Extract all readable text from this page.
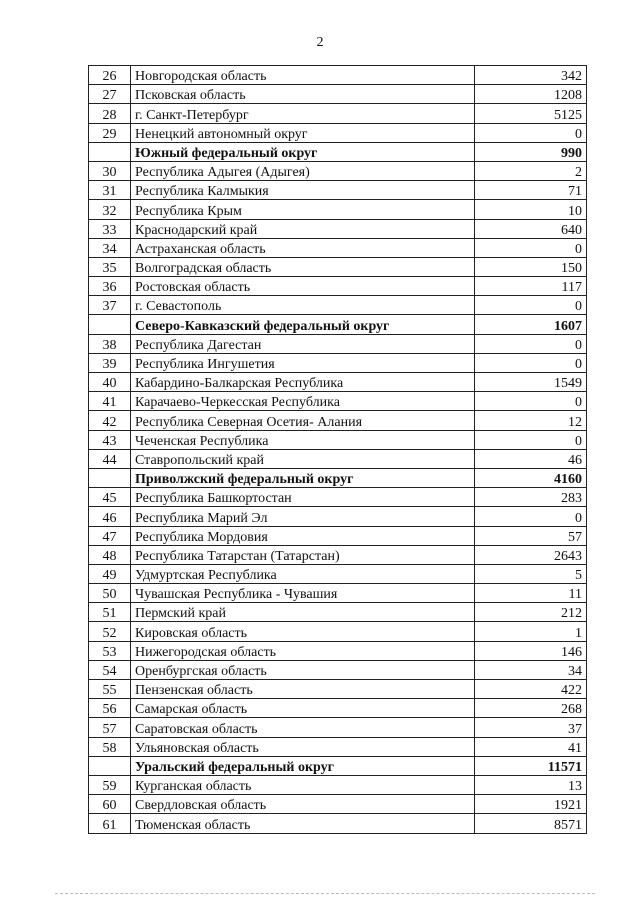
2
26	Новгородская область	342
27	Псковская область	1208
28	г. Санкт-Петербург	5125
29	Ненецкий автономный округ	0
	Южный федеральный округ	990
30	Республика Адыгея (Адыгея)	2
31	Республика Калмыкия	71
32	Республика Крым	10
33	Краснодарский край	640
34	Астраханская область	0
35	Волгоградская область	150
36	Ростовская область	117
37	г. Севастополь	0
	Северо-Кавказский федеральный округ	1607
38	Республика Дагестан	0
39	Республика Ингушетия	0
40	Кабардино-Балкарская Республика	1549
41	Карачаево-Черкесская Республика	0
42	Республика Северная Осетия- Алания	12
43	Чеченская Республика	0
44	Ставропольский край	46
	Приволжский федеральный округ	4160
45	Республика Башкортостан	283
46	Республика Марий Эл	0
47	Республика Мордовия	57
48	Республика Татарстан (Татарстан)	2643
49	Удмуртская Республика	5
50	Чувашская Республика - Чувашия	11
51	Пермский край	212
52	Кировская область	1
53	Нижегородская область	146
54	Оренбургская область	34
55	Пензенская область	422
56	Самарская область	268
57	Саратовская область	37
58	Ульяновская область	41
	Уральский федеральный округ	11571
59	Курганская область	13
60	Свердловская область	1921
61	Тюменская область	8571
